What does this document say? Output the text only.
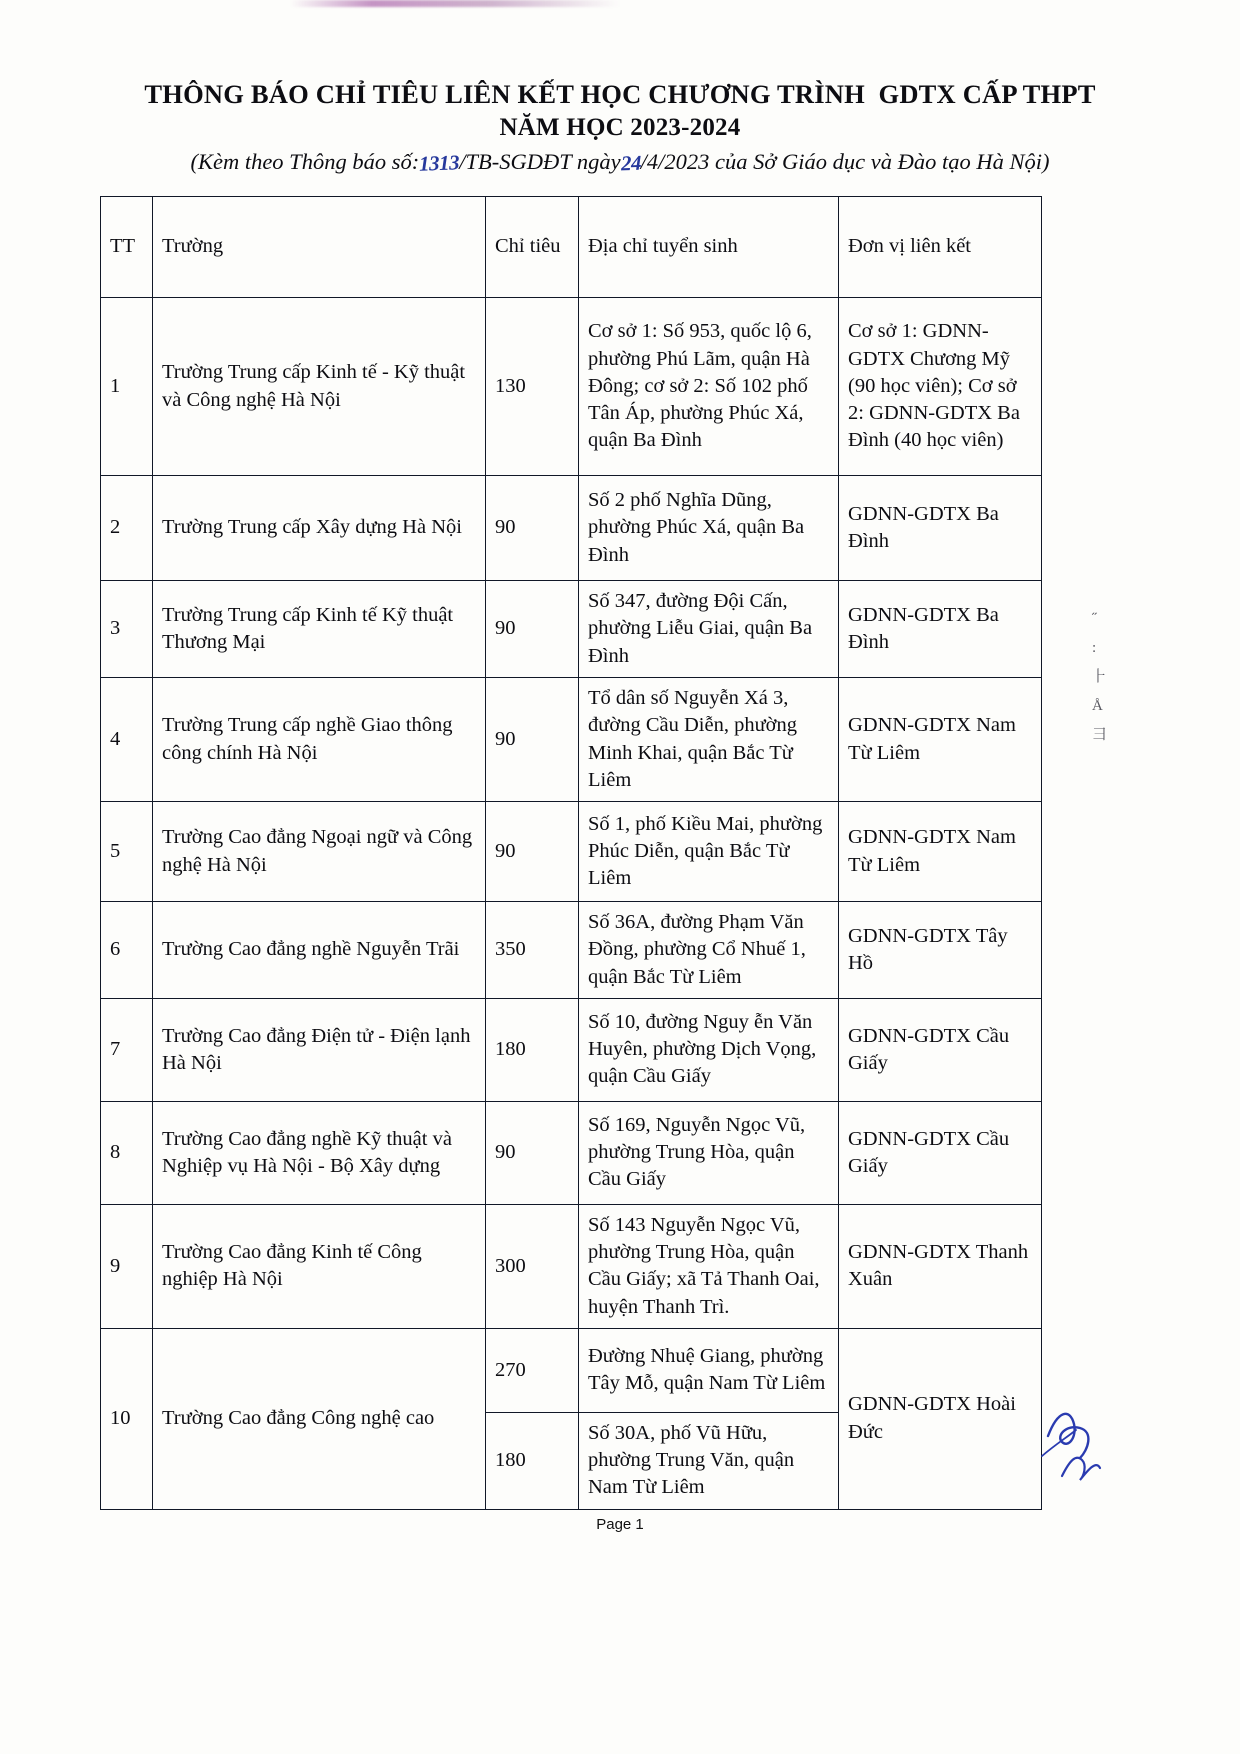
THÔNG BÁO CHỈ TIÊU LIÊN KẾT HỌC CHƯƠNG TRÌNH  GDTX CẤP THPT
NĂM HỌC 2023-2024
(Kèm theo Thông báo số:1313/TB-SGDĐT ngày24/4/2023 của Sở Giáo dục và Đào tạo Hà Nội)
TT	Trường	Chỉ tiêu	Địa chỉ tuyển sinh	Đơn vị liên kết
1	Trường Trung cấp Kinh tế - Kỹ thuật và Công nghệ Hà Nội	130	Cơ sở 1: Số 953, quốc lộ 6, phường Phú Lãm, quận Hà Đông; cơ sở 2: Số 102 phố Tân Áp, phường Phúc Xá, quận Ba Đình	Cơ sở 1: GDNN-GDTX Chương Mỹ (90 học viên); Cơ sở 2: GDNN-GDTX Ba Đình (40 học viên)
2	Trường Trung cấp Xây dựng Hà Nội	90	Số 2 phố Nghĩa Dũng, phường Phúc Xá, quận Ba Đình	GDNN-GDTX Ba Đình
3	Trường Trung cấp Kinh tế Kỹ thuật Thương Mại	90	Số 347, đường Đội Cấn, phường Liễu Giai, quận Ba Đình	GDNN-GDTX Ba Đình
4	Trường Trung cấp nghề Giao thông công chính Hà Nội	90	Tổ dân số Nguyễn Xá 3, đường Cầu Diễn, phường Minh Khai, quận Bắc Từ Liêm	GDNN-GDTX Nam Từ Liêm
5	Trường Cao đẳng Ngoại ngữ và Công nghệ Hà Nội	90	Số 1, phố Kiều Mai, phường Phúc Diễn, quận Bắc Từ Liêm	GDNN-GDTX Nam Từ Liêm
6	Trường Cao đẳng nghề Nguyễn Trãi	350	Số 36A, đường Phạm Văn Đồng, phường Cổ Nhuế 1, quận Bắc Từ Liêm	GDNN-GDTX Tây Hồ
7	Trường Cao đẳng Điện tử - Điện lạnh Hà Nội	180	Số 10, đường Nguy ễn Văn Huyên, phường Dịch Vọng, quận Cầu Giấy	GDNN-GDTX Cầu Giấy
8	Trường Cao đẳng nghề Kỹ thuật và Nghiệp vụ Hà Nội - Bộ Xây dựng	90	Số 169, Nguyễn Ngọc Vũ, phường Trung Hòa, quận Cầu Giấy	GDNN-GDTX Cầu Giấy
9	Trường Cao đẳng Kinh tế Công nghiệp Hà Nội	300	Số 143 Nguyễn Ngọc Vũ, phường Trung Hòa, quận Cầu Giấy; xã Tả Thanh Oai, huyện Thanh Trì.	GDNN-GDTX Thanh Xuân
10	Trường Cao đẳng Công nghệ cao	270	Đường Nhuệ Giang, phường Tây Mỗ, quận Nam Từ Liêm	GDNN-GDTX Hoài Đức
		180	Số 30A, phố Vũ Hữu, phường Trung Văn, quận Nam Từ Liêm	
˝
:
⺊
Å
彐
Page 1
